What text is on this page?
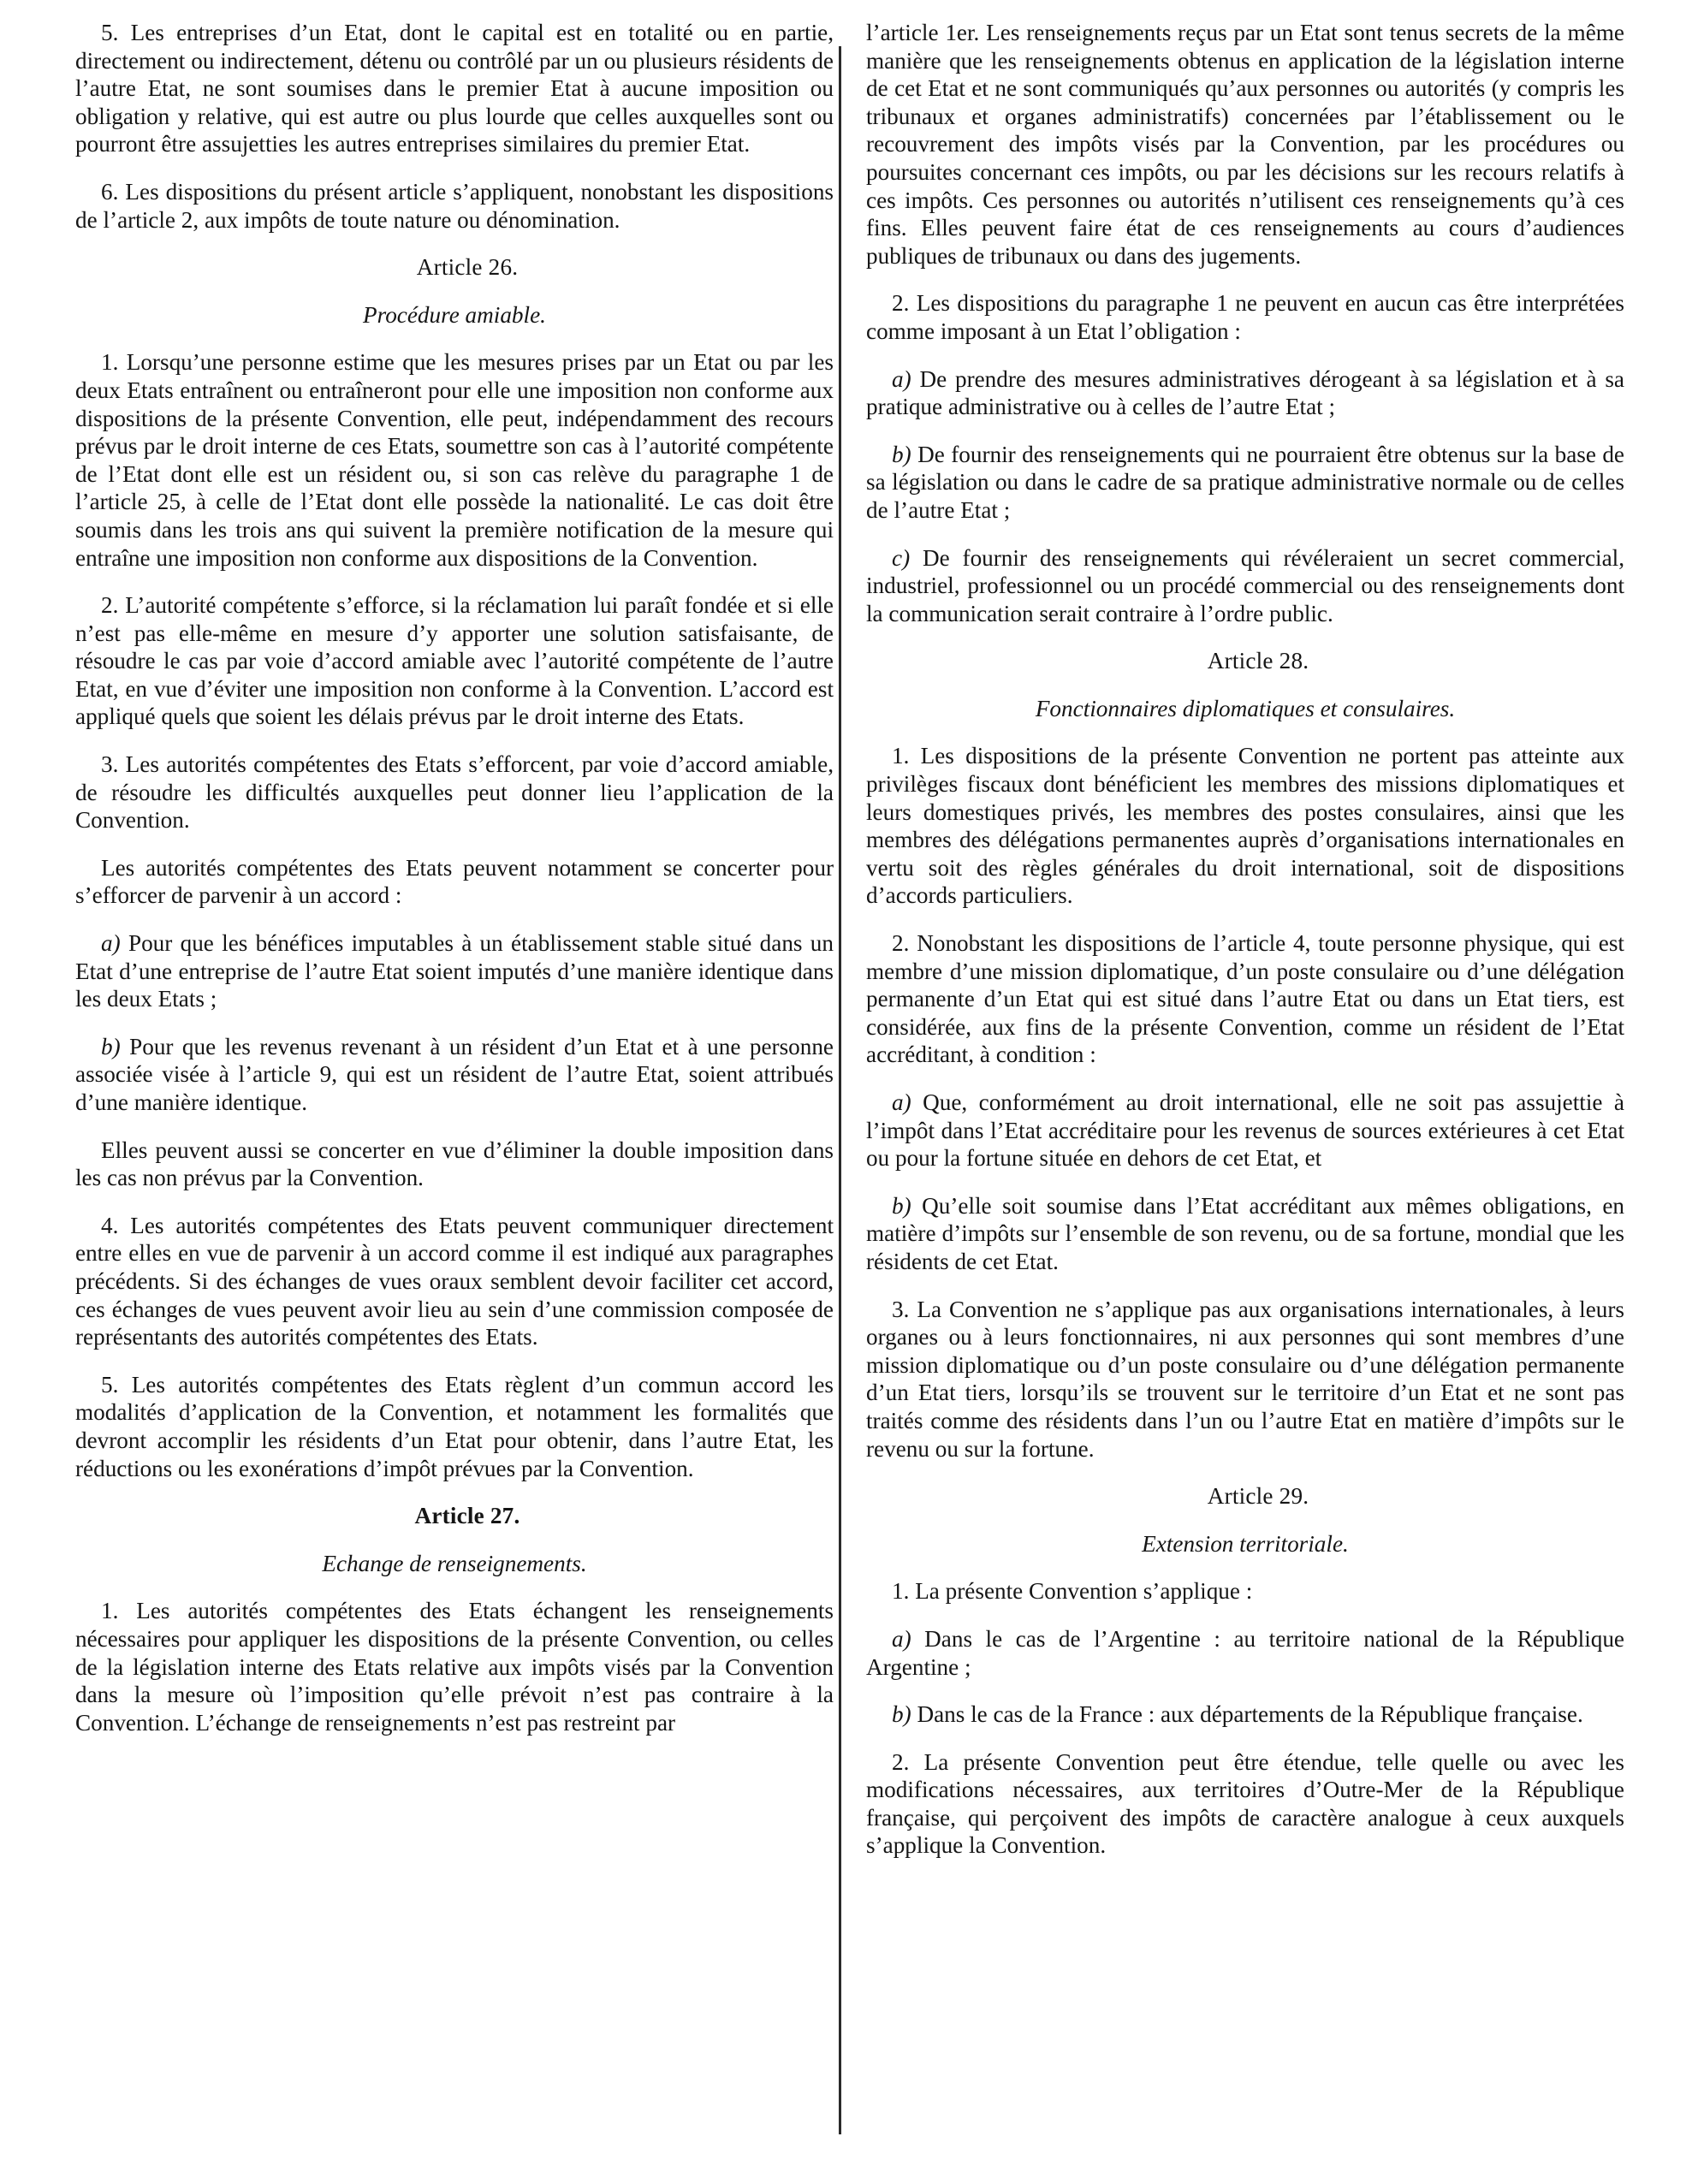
5. Les entreprises d’un Etat, dont le capital est en totalité ou en partie, directement ou indirectement, détenu ou contrôlé par un ou plusieurs résidents de l’autre Etat, ne sont soumises dans le premier Etat à aucune imposition ou obligation y relative, qui est autre ou plus lourde que celles auxquelles sont ou pourront être assujetties les autres entreprises similaires du premier Etat.

6. Les dispositions du présent article s’appliquent, nonobstant les dispositions de l’article 2, aux impôts de toute nature ou dénomination.

Article 26.

Procédure amiable.

1. Lorsqu’une personne estime que les mesures prises par un Etat ou par les deux Etats entraînent ou entraîneront pour elle une imposition non conforme aux dispositions de la présente Convention, elle peut, indépendamment des recours prévus par le droit interne de ces Etats, soumettre son cas à l’autorité compétente de l’Etat dont elle est un résident ou, si son cas relève du paragraphe 1 de l’article 25, à celle de l’Etat dont elle possède la nationalité. Le cas doit être soumis dans les trois ans qui suivent la première notification de la mesure qui entraîne une imposition non conforme aux dispositions de la Convention.

2. L’autorité compétente s’efforce, si la réclamation lui paraît fondée et si elle n’est pas elle-même en mesure d’y apporter une solution satisfaisante, de résoudre le cas par voie d’accord amiable avec l’autorité compétente de l’autre Etat, en vue d’éviter une imposition non conforme à la Convention. L’accord est appliqué quels que soient les délais prévus par le droit interne des Etats.

3. Les autorités compétentes des Etats s’efforcent, par voie d’accord amiable, de résoudre les difficultés auxquelles peut donner lieu l’application de la Convention.

Les autorités compétentes des Etats peuvent notamment se concerter pour s’efforcer de parvenir à un accord :

a) Pour que les bénéfices imputables à un établissement stable situé dans un Etat d’une entreprise de l’autre Etat soient imputés d’une manière identique dans les deux Etats ;

b) Pour que les revenus revenant à un résident d’un Etat et à une personne associée visée à l’article 9, qui est un résident de l’autre Etat, soient attribués d’une manière identique.

Elles peuvent aussi se concerter en vue d’éliminer la double imposition dans les cas non prévus par la Convention.

4. Les autorités compétentes des Etats peuvent communiquer directement entre elles en vue de parvenir à un accord comme il est indiqué aux paragraphes précédents. Si des échanges de vues oraux semblent devoir faciliter cet accord, ces échanges de vues peuvent avoir lieu au sein d’une commission composée de représentants des autorités compétentes des Etats.

5. Les autorités compétentes des Etats règlent d’un commun accord les modalités d’application de la Convention, et notamment les formalités que devront accomplir les résidents d’un Etat pour obtenir, dans l’autre Etat, les réductions ou les exonérations d’impôt prévues par la Convention.

Article 27.

Echange de renseignements.

1. Les autorités compétentes des Etats échangent les renseignements nécessaires pour appliquer les dispositions de la présente Convention, ou celles de la législation interne des Etats relative aux impôts visés par la Convention dans la mesure où l’imposition qu’elle prévoit n’est pas contraire à la Convention. L’échange de renseignements n’est pas restreint par

l’article 1er. Les renseignements reçus par un Etat sont tenus secrets de la même manière que les renseignements obtenus en application de la législation interne de cet Etat et ne sont communiqués qu’aux personnes ou autorités (y compris les tribunaux et organes administratifs) concernées par l’établissement ou le recouvrement des impôts visés par la Convention, par les procédures ou poursuites concernant ces impôts, ou par les décisions sur les recours relatifs à ces impôts. Ces personnes ou autorités n’utilisent ces renseignements qu’à ces fins. Elles peuvent faire état de ces renseignements au cours d’audiences publiques de tribunaux ou dans des jugements.

2. Les dispositions du paragraphe 1 ne peuvent en aucun cas être interprétées comme imposant à un Etat l’obligation :

a) De prendre des mesures administratives dérogeant à sa législation et à sa pratique administrative ou à celles de l’autre Etat ;

b) De fournir des renseignements qui ne pourraient être obtenus sur la base de sa législation ou dans le cadre de sa pratique administrative normale ou de celles de l’autre Etat ;

c) De fournir des renseignements qui révéleraient un secret commercial, industriel, professionnel ou un procédé commercial ou des renseignements dont la communication serait contraire à l’ordre public.

Article 28.

Fonctionnaires diplomatiques et consulaires.

1. Les dispositions de la présente Convention ne portent pas atteinte aux privilèges fiscaux dont bénéficient les membres des missions diplomatiques et leurs domestiques privés, les membres des postes consulaires, ainsi que les membres des délégations permanentes auprès d’organisations internationales en vertu soit des règles générales du droit international, soit de dispositions d’accords particuliers.

2. Nonobstant les dispositions de l’article 4, toute personne physique, qui est membre d’une mission diplomatique, d’un poste consulaire ou d’une délégation permanente d’un Etat qui est situé dans l’autre Etat ou dans un Etat tiers, est considérée, aux fins de la présente Convention, comme un résident de l’Etat accréditant, à condition :

a) Que, conformément au droit international, elle ne soit pas assujettie à l’impôt dans l’Etat accréditaire pour les revenus de sources extérieures à cet Etat ou pour la fortune située en dehors de cet Etat, et

b) Qu’elle soit soumise dans l’Etat accréditant aux mêmes obligations, en matière d’impôts sur l’ensemble de son revenu, ou de sa fortune, mondial que les résidents de cet Etat.

3. La Convention ne s’applique pas aux organisations internationales, à leurs organes ou à leurs fonctionnaires, ni aux personnes qui sont membres d’une mission diplomatique ou d’un poste consulaire ou d’une délégation permanente d’un Etat tiers, lorsqu’ils se trouvent sur le territoire d’un Etat et ne sont pas traités comme des résidents dans l’un ou l’autre Etat en matière d’impôts sur le revenu ou sur la fortune.

Article 29.

Extension territoriale.

1. La présente Convention s’applique :

a) Dans le cas de l’Argentine : au territoire national de la République Argentine ;

b) Dans le cas de la France : aux départements de la République française.

2. La présente Convention peut être étendue, telle quelle ou avec les modifications nécessaires, aux territoires d’Outre-Mer de la République française, qui perçoivent des impôts de caractère analogue à ceux auxquels s’applique la Convention.
